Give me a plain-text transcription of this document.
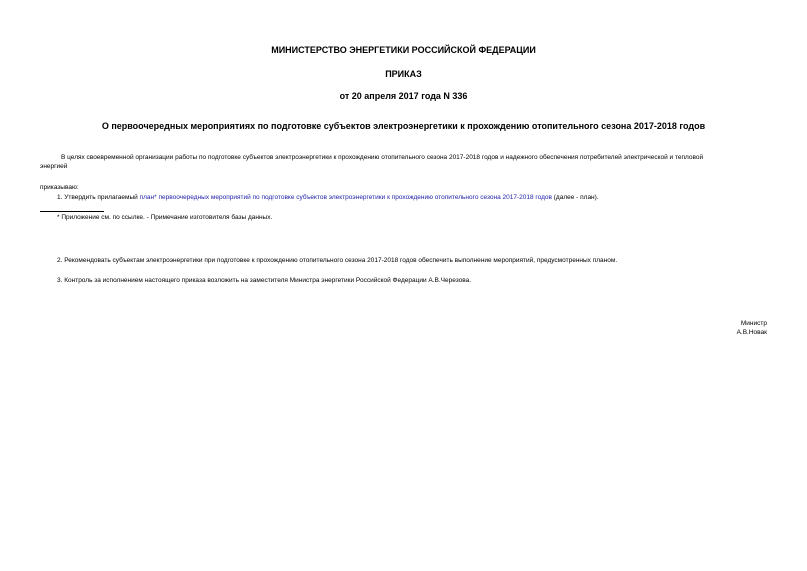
МИНИСТЕРСТВО ЭНЕРГЕТИКИ РОССИЙСКОЙ ФЕДЕРАЦИИ
ПРИКАЗ
от 20 апреля 2017 года N 336
О первоочередных мероприятиях по подготовке субъектов электроэнергетики к прохождению отопительного сезона 2017-2018 годов
В целях своевременной организации работы по подготовке субъектов электроэнергетики к прохождению отопительного сезона 2017-2018 годов и надежного обеспечения потребителей электрической и тепловой
энергией
приказываю:
1. Утвердить прилагаемый план* первоочередных мероприятий по подготовке субъектов электроэнергетики к прохождению отопительного сезона 2017-2018 годов (далее - план).
* Приложение см. по ссылке. - Примечание изготовителя базы данных.
2. Рекомендовать субъектам электроэнергетики при подготовке к прохождению отопительного сезона 2017-2018 годов обеспечить выполнение мероприятий, предусмотренных планом.
3. Контроль за исполнением настоящего приказа возложить на заместителя Министра энергетики Российской Федерации А.В.Черезова.
Министр
А.В.Новак
